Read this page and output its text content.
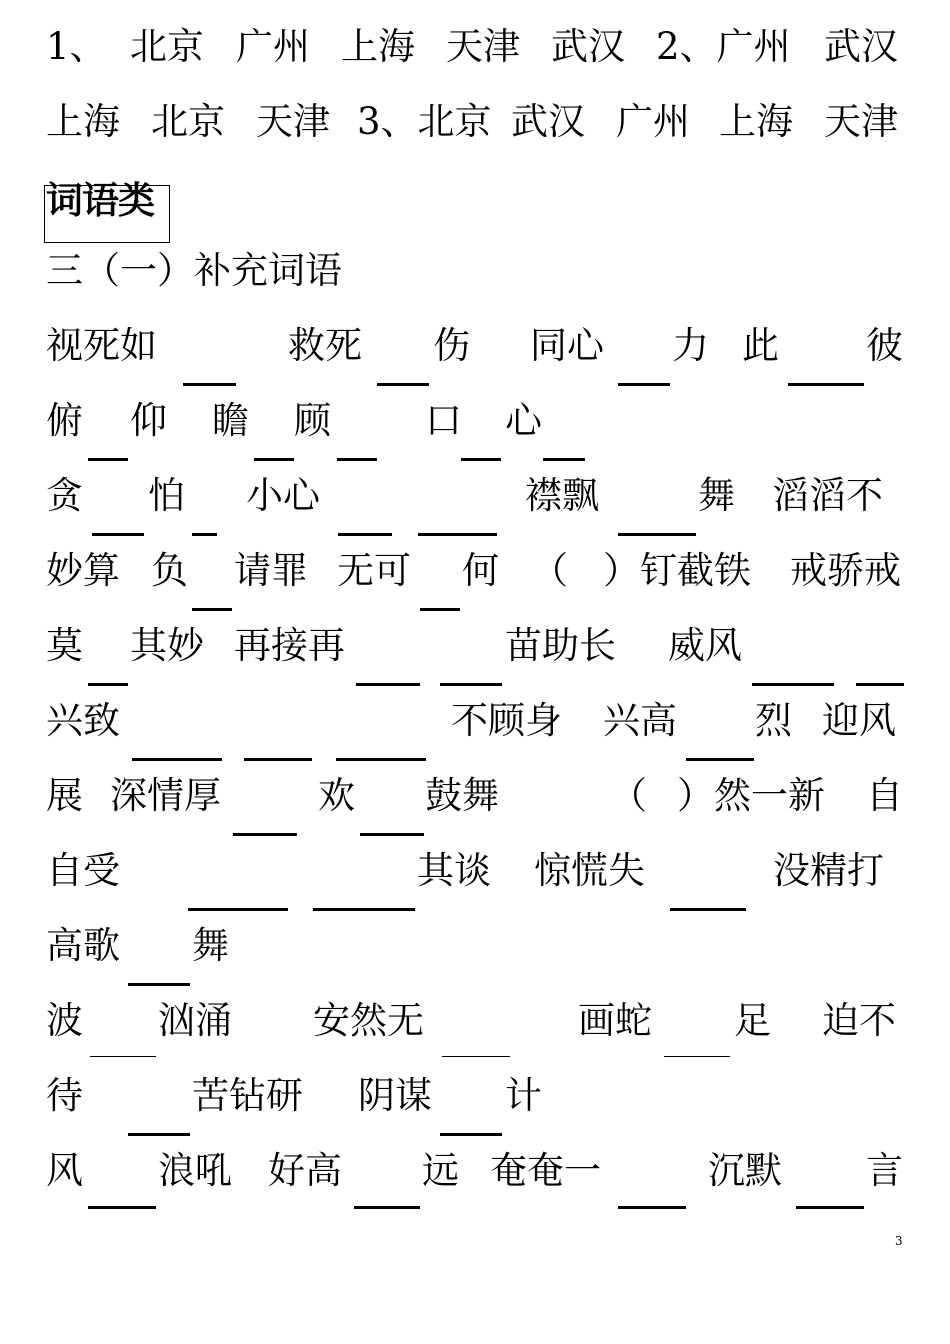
1、 北京 广州 上海 天津 武汉 2、广州 武汉
上海 北京 天津 3、北京 武汉 广州 上海 天津
词语类
三（一）补充词语
视死如	救死 伤 同心 力 此 彼
俯 仰 瞻 顾	口 心
贪 怕 小心	襟飘	舞 滔滔不
妙算 负 请罪 无可 何 （ ）钉截铁 戒骄戒
莫 其妙 再接再	苗助长 威风
兴致	不顾身 兴高 烈 迎风
展 深情厚	欢 鼓舞	（ ）然一新 自
自受	其谈 惊慌失	没精打
高歌 舞
波 汹涌 安然无	画蛇 足 迫不
待	苦钻研 阴谋 计
风 浪吼 好高 远 奄奄一	沉默 言
3
